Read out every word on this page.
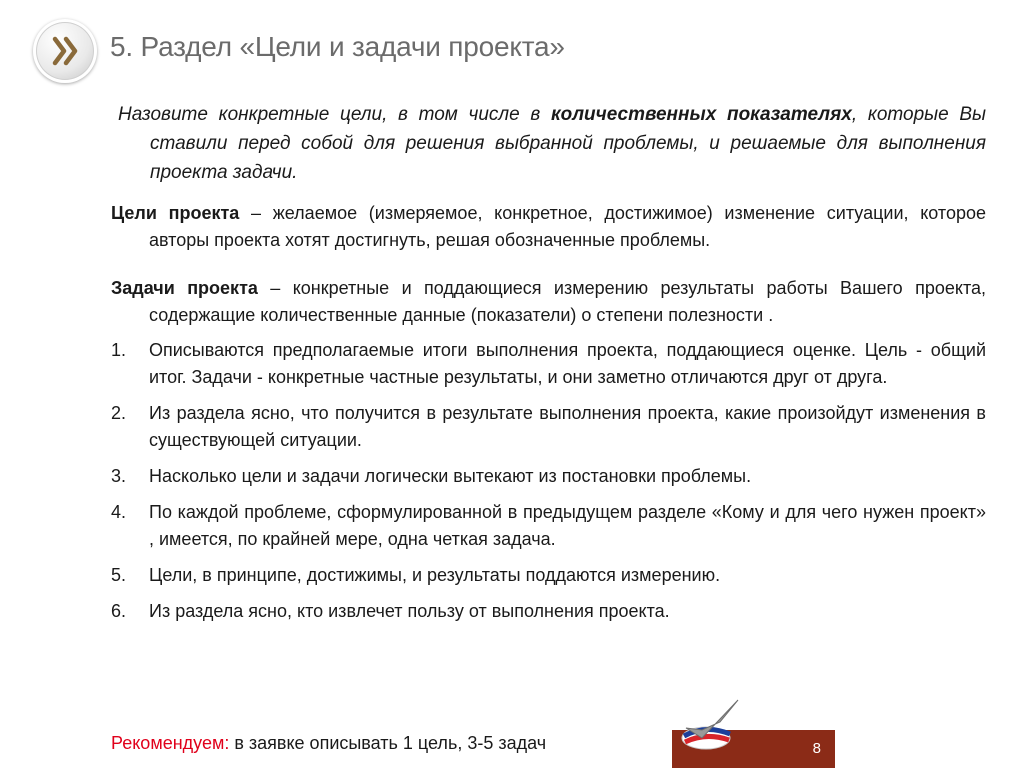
5. Раздел «Цели и задачи проекта»

Назовите конкретные цели, в том числе в количественных показателях, которые Вы ставили перед собой для решения выбранной проблемы, и решаемые для выполнения проекта задачи.

Цели проекта – желаемое (измеряемое, конкретное, достижимое) изменение ситуации, которое авторы проекта хотят достигнуть, решая обозначенные проблемы.

Задачи проекта – конкретные и поддающиеся измерению результаты работы Вашего проекта, содержащие количественные данные (показатели) о степени полезности .

1. Описываются предполагаемые итоги выполнения проекта, поддающиеся оценке. Цель - общий итог. Задачи - конкретные частные результаты, и они заметно отличаются друг от друга.
2. Из раздела ясно, что получится в результате выполнения проекта, какие произойдут изменения в существующей ситуации.
3. Насколько цели и задачи логически вытекают из постановки проблемы.
4. По каждой проблеме, сформулированной в предыдущем разделе «Кому и для чего нужен проект» , имеется, по крайней мере, одна четкая задача.
5. Цели, в принципе, достижимы, и результаты поддаются измерению.
6. Из раздела ясно, кто извлечет пользу от выполнения проекта.
Рекомендуем: в заявке описывать 1 цель, 3-5 задач	8
